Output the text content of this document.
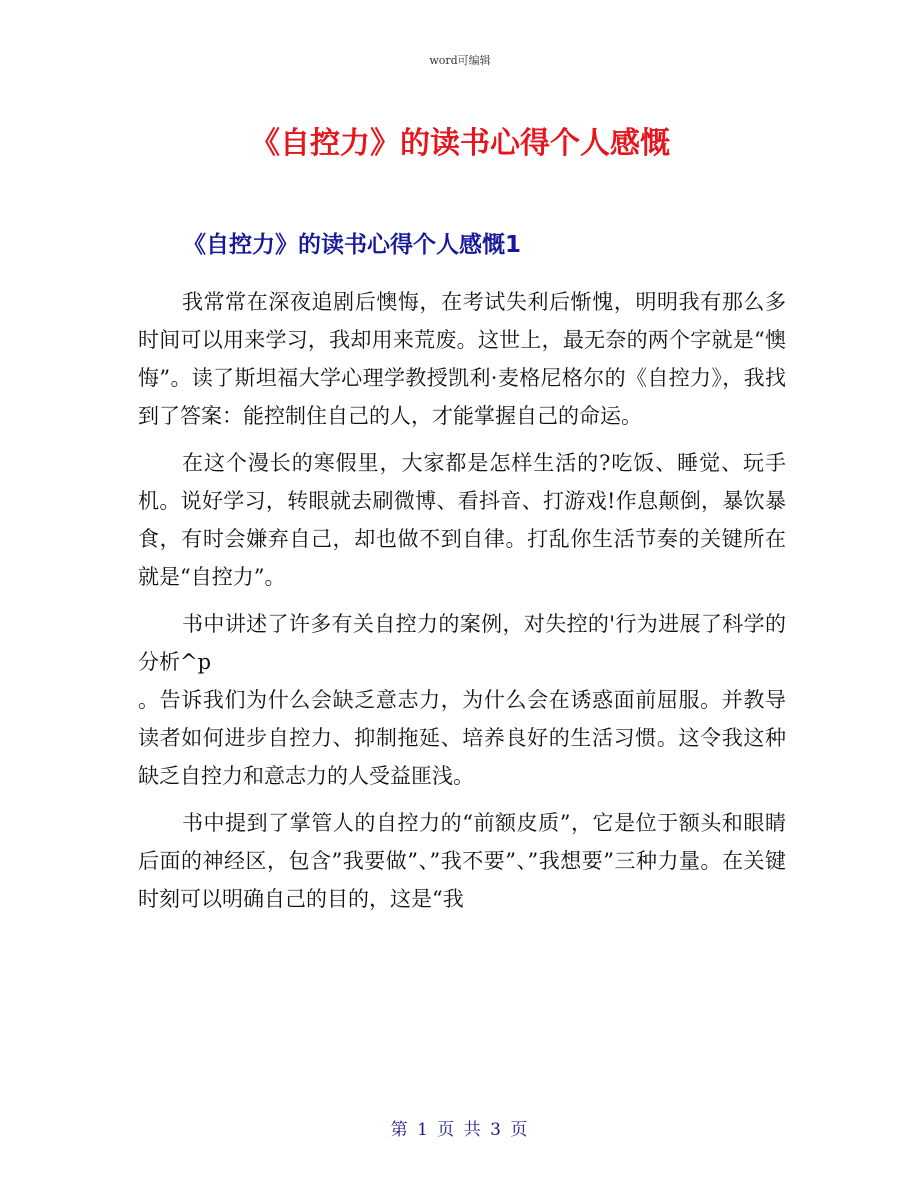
word可编辑
《自控力》的读书心得个人感慨
《自控力》的读书心得个人感慨1

我常常在深夜追剧后懊悔，在考试失利后惭愧，明明我有那么多时间可以用来学习，我却用来荒废。这世上，最无奈的两个字就是“懊悔”。读了斯坦福大学心理学教授凯利·麦格尼格尔的《自控力》，我找到了答案：能控制住自己的人，才能掌握自己的命运。

在这个漫长的寒假里，大家都是怎样生活的?吃饭、睡觉、玩手机。说好学习，转眼就去刷微博、看抖音、打游戏!作息颠倒，暴饮暴食，有时会嫌弃自己，却也做不到自律。打乱你生活节奏的关键所在就是“自控力”。

书中讲述了许多有关自控力的案例，对失控的'行为进展了科学的分析^p

。告诉我们为什么会缺乏意志力，为什么会在诱惑面前屈服。并教导读者如何进步自控力、抑制拖延、培养良好的生活习惯。这令我这种缺乏自控力和意志力的人受益匪浅。

书中提到了掌管人的自控力的“前额皮质”，它是位于额头和眼睛后面的神经区，包含”我要做”、”我不要”、”我想要”三种力量。在关键时刻可以明确自己的目的，这是“我

第 1 页 共 3 页
